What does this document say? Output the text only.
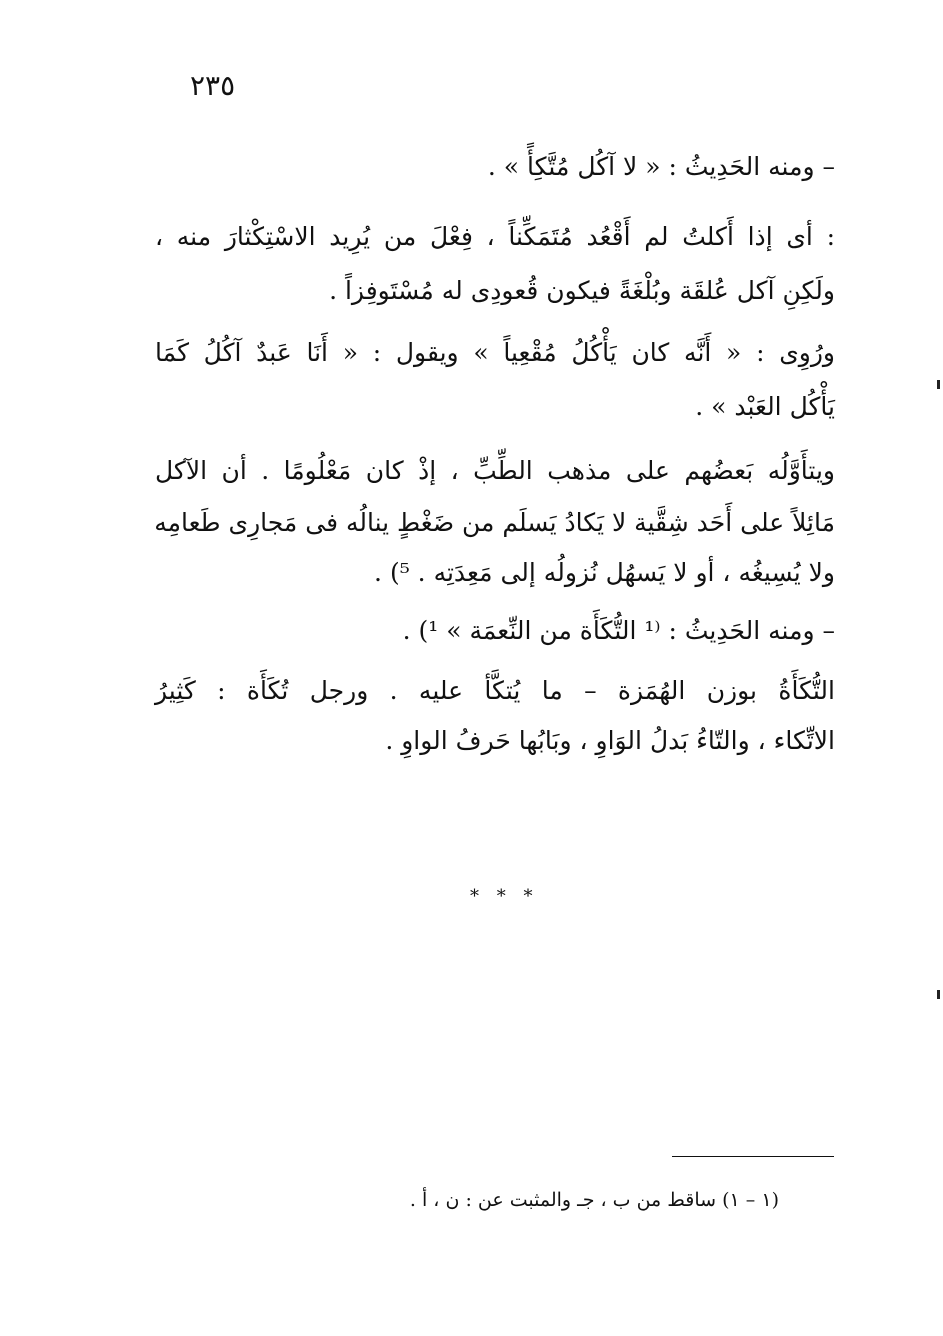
٢٣٥
– ومنه الحَدِيثُ : « لا آكُل مُتَّكِأً » .
: أى إذا أَكلتُ لم أَقْعُد مُتَمَكِّناً ، فِعْلَ من يُرِيد الاسْتِكْثارَ منه ،
ولَكِنِ آكل عُلقَة وبُلْغَةً فيكون قُعودِى له مُسْتَوفِزاً .
ورُوِى : « أَنَّه كان يَأْكُلُ مُقْعِياً » ويقول : « أَنَا عَبدٌ آكُلُ كَمَا
يَأْكُل العَبْد » .
ويتأَوَّلُه بَعضُهم على مذهب الطِّبِّ ، إذْ كان مَعْلُومًا . أن الآكل
مَائِلاً على أَحَد شِقَّية لا يَكادُ يَسلَم من ضَغْطٍ ينالُه فى مَجارِى طَعامِه
ولا يُسِيغُه ، أو لا يَسهُل نُزولُه إلى مَعِدَتِه . ⁵) .
– ومنه الحَدِيثُ : ⁽¹ التُّكَأَة من النِّعمَة » ¹) .
التُّكَأَةُ بوزن الهُمَزة – ما يُتكَّأ عليه . ورجل تُكَأَة : كَثِيرُ
الاتِّكاء ، والتّاءُ بَدلُ الوَاوِ ، وبَابُها حَرفُ الواوِ .
* * *
(١ – ١) ساقط من ب ، جـ والمثبت عن : ن ، أ .
